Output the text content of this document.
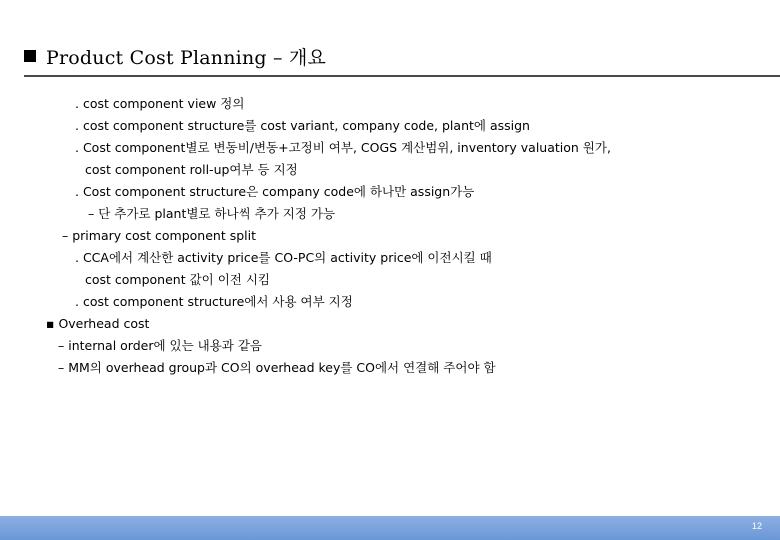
Product Cost Planning – 개요
. cost component view 정의
. cost component structure를 cost variant, company code, plant에 assign
. Cost component별로 변동비/변동+고정비 여부, COGS 계산범위, inventory valuation 원가,
cost component roll-up여부 등 지정
. Cost component structure은 company code에 하나만 assign가능
– 단 추가로 plant별로 하나씩 추가 지정 가능
– primary cost component split
. CCA에서 계산한 activity price를 CO-PC의 activity price에 이전시킬 때
cost component 값이 이전 시킴
. cost component structure에서 사용 여부 지정
▪ Overhead cost
– internal order에 있는 내용과 같음
– MM의 overhead group과 CO의 overhead key를 CO에서 연결해 주어야 함
12
